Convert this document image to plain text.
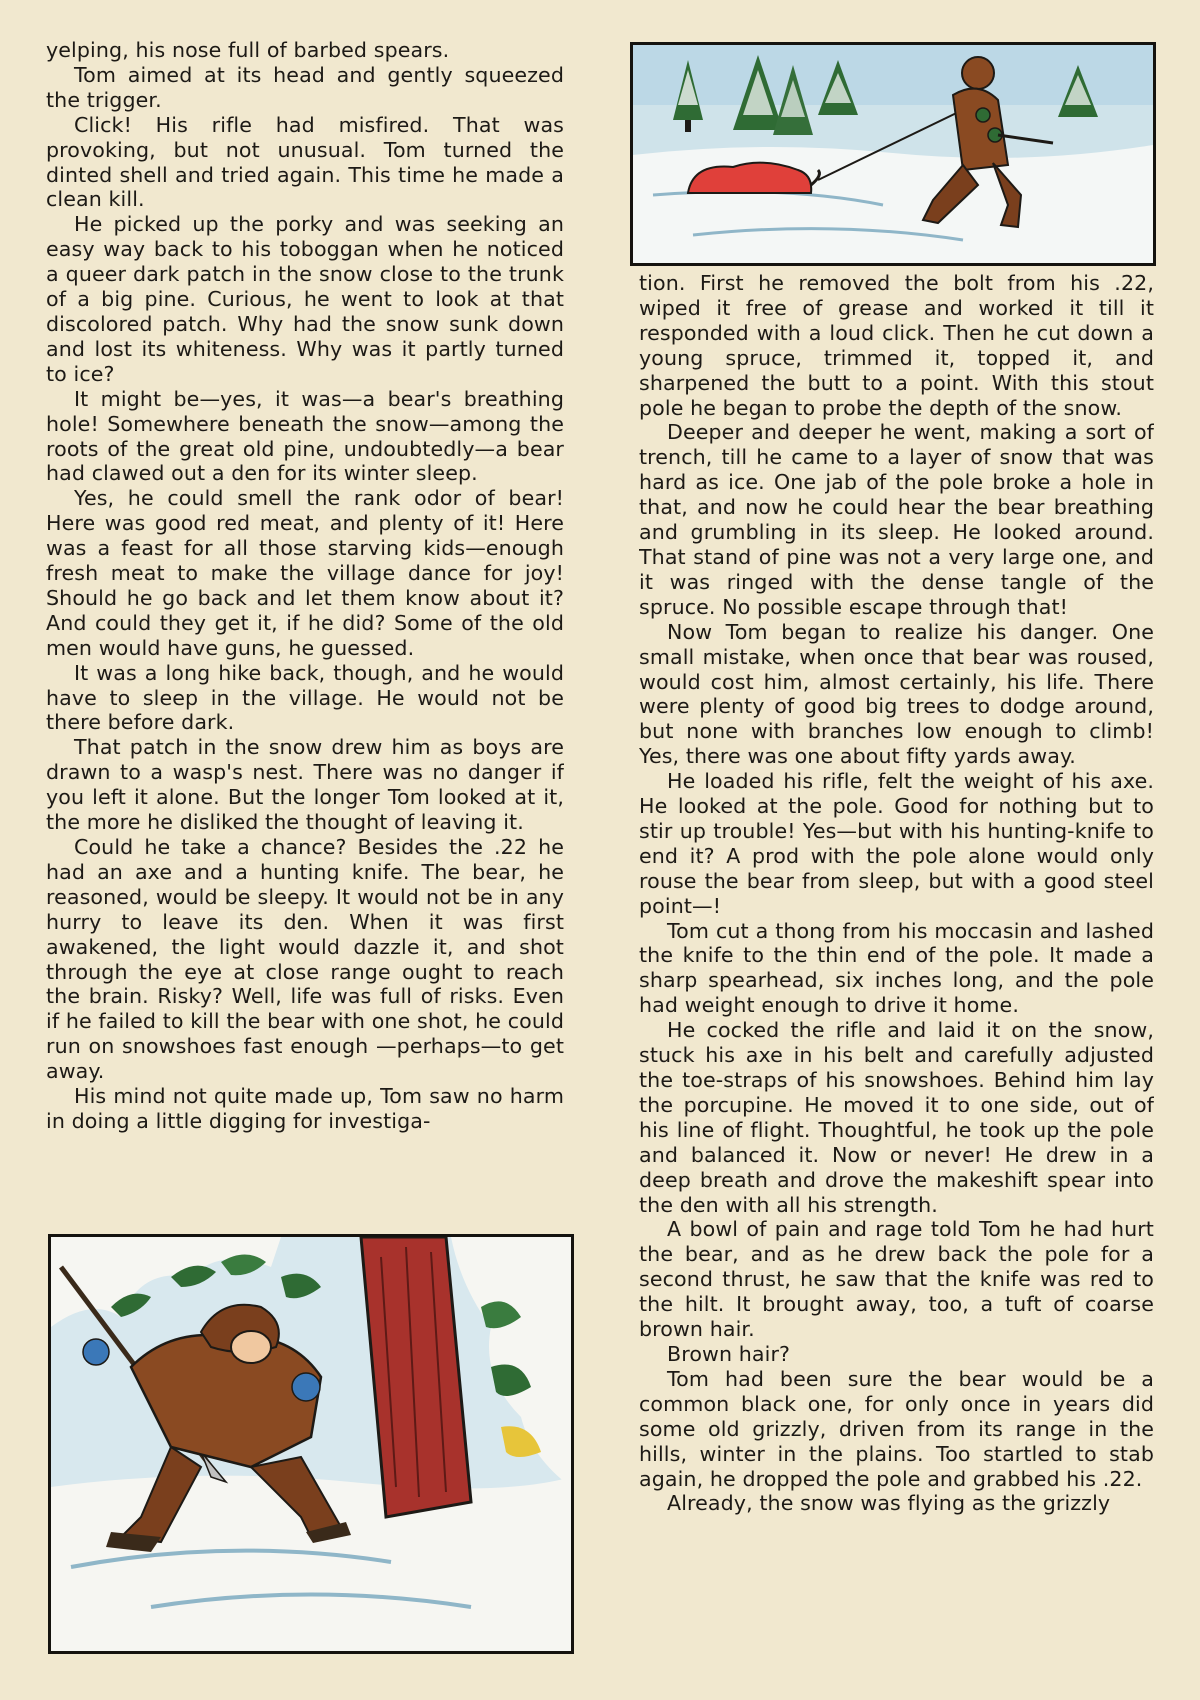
yelping, his nose full of barbed spears.

Tom aimed at its head and gently squeezed the trigger.

Click! His rifle had misfired. That was provoking, but not unusual. Tom turned the dinted shell and tried again. This time he made a clean kill.

He picked up the porky and was seeking an easy way back to his toboggan when he noticed a queer dark patch in the snow close to the trunk of a big pine. Curious, he went to look at that discolored patch. Why had the snow sunk down and lost its whiteness. Why was it partly turned to ice?

It might be—yes, it was—a bear's breathing hole! Somewhere beneath the snow—among the roots of the great old pine, undoubtedly—a bear had clawed out a den for its winter sleep.

Yes, he could smell the rank odor of bear! Here was good red meat, and plenty of it! Here was a feast for all those starving kids—enough fresh meat to make the village dance for joy! Should he go back and let them know about it? And could they get it, if he did? Some of the old men would have guns, he guessed.

It was a long hike back, though, and he would have to sleep in the village. He would not be there before dark.

That patch in the snow drew him as boys are drawn to a wasp's nest. There was no danger if you left it alone. But the longer Tom looked at it, the more he disliked the thought of leaving it.

Could he take a chance? Besides the .22 he had an axe and a hunting knife. The bear, he reasoned, would be sleepy. It would not be in any hurry to leave its den. When it was first awakened, the light would dazzle it, and shot through the eye at close range ought to reach the brain. Risky? Well, life was full of risks. Even if he failed to kill the bear with one shot, he could run on snowshoes fast enough —perhaps—to get away.

His mind not quite made up, Tom saw no harm in doing a little digging for investiga-

tion. First he removed the bolt from his .22, wiped it free of grease and worked it till it responded with a loud click. Then he cut down a young spruce, trimmed it, topped it, and sharpened the butt to a point. With this stout pole he began to probe the depth of the snow.

Deeper and deeper he went, making a sort of trench, till he came to a layer of snow that was hard as ice. One jab of the pole broke a hole in that, and now he could hear the bear breathing and grumbling in its sleep. He looked around. That stand of pine was not a very large one, and it was ringed with the dense tangle of the spruce. No possible escape through that!

Now Tom began to realize his danger. One small mistake, when once that bear was roused, would cost him, almost certainly, his life. There were plenty of good big trees to dodge around, but none with branches low enough to climb! Yes, there was one about fifty yards away.

He loaded his rifle, felt the weight of his axe. He looked at the pole. Good for nothing but to stir up trouble! Yes—but with his hunting-knife to end it? A prod with the pole alone would only rouse the bear from sleep, but with a good steel point—!

Tom cut a thong from his moccasin and lashed the knife to the thin end of the pole. It made a sharp spearhead, six inches long, and the pole had weight enough to drive it home.

He cocked the rifle and laid it on the snow, stuck his axe in his belt and carefully adjusted the toe-straps of his snowshoes. Behind him lay the porcupine. He moved it to one side, out of his line of flight. Thoughtful, he took up the pole and balanced it. Now or never! He drew in a deep breath and drove the makeshift spear into the den with all his strength.

A bowl of pain and rage told Tom he had hurt the bear, and as he drew back the pole for a second thrust, he saw that the knife was red to the hilt. It brought away, too, a tuft of coarse brown hair.

Brown hair?

Tom had been sure the bear would be a common black one, for only once in years did some old grizzly, driven from its range in the hills, winter in the plains. Too startled to stab again, he dropped the pole and grabbed his .22.

Already, the snow was flying as the grizzly
